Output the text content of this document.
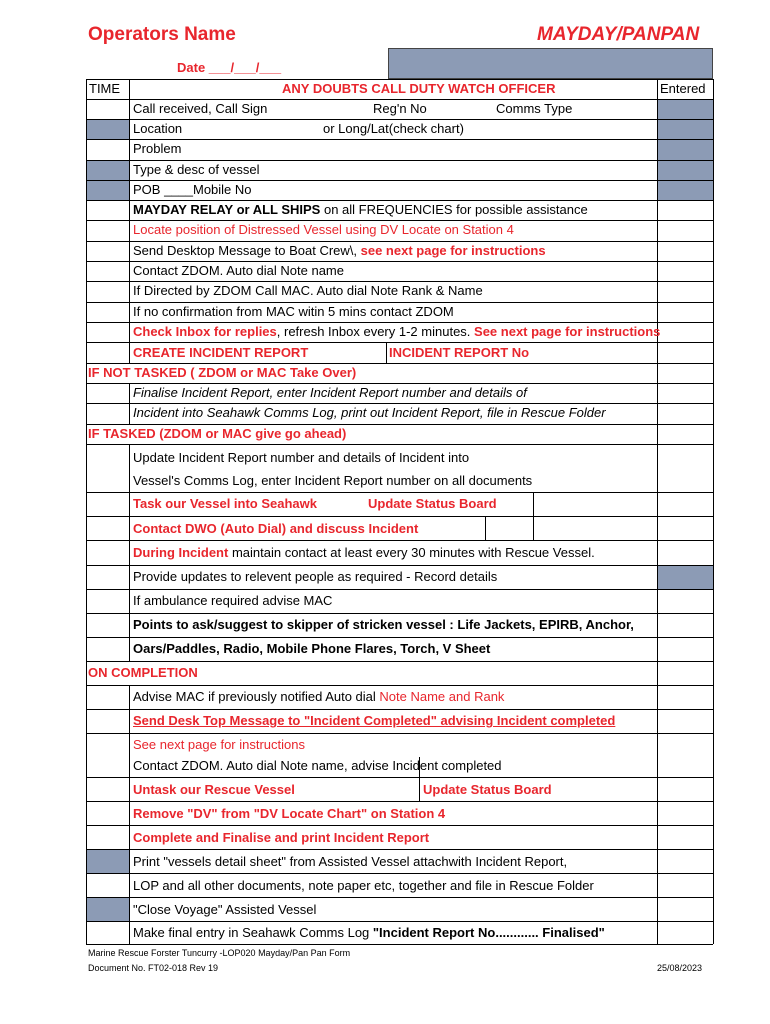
Operators Name	MAYDAY/PANPAN
Date ___/___/___
TIME	ANY DOUBTS CALL DUTY WATCH OFFICER	Entered
Call received, Call Sign	Reg'n No	Comms Type
Location	or Long/Lat(check chart)
Problem
Type & desc of vessel
POB ____Mobile No
MAYDAY RELAY or ALL SHIPS on all FREQUENCIES for possible assistance
Locate position of Distressed Vessel using DV Locate on Station 4
Send Desktop Message to Boat Crew\, see next page for instructions
Contact ZDOM. Auto dial Note name
If Directed by ZDOM Call MAC. Auto dial Note Rank & Name
If no confirmation from MAC witin 5 mins contact ZDOM
Check Inbox for replies, refresh Inbox every 1-2 minutes. See next page for instructions
CREATE INCIDENT REPORT	INCIDENT REPORT No
IF NOT TASKED ( ZDOM or MAC Take Over)
Finalise Incident Report, enter Incident Report number and details of
Incident into Seahawk Comms Log, print out Incident Report, file in Rescue Folder
IF TASKED (ZDOM or MAC give go ahead)
Update Incident Report number and details of Incident into
Vessel's Comms Log, enter Incident Report number on all documents
Task our Vessel into Seahawk	Update Status Board
Contact DWO (Auto Dial) and discuss Incident
During Incident maintain contact at least every 30 minutes with Rescue Vessel.
Provide updates to relevent people as required - Record details
If ambulance required advise MAC
Points to ask/suggest to skipper of stricken vessel : Life Jackets, EPIRB, Anchor,
Oars/Paddles, Radio, Mobile Phone Flares, Torch, V Sheet
ON COMPLETION
Advise MAC if previously notified Auto dial Note Name and Rank
Send Desk Top Message to "Incident Completed" advising Incident completed
See next page for instructions
Contact ZDOM. Auto dial Note name, advise Incident completed
Untask our Rescue Vessel	Update Status Board
Remove "DV" from "DV Locate Chart" on Station 4
Complete and Finalise and print Incident Report
Print "vessels detail sheet" from Assisted Vessel attachwith Incident Report,
LOP and all other documents, note paper etc, together and file in Rescue Folder
"Close Voyage" Assisted Vessel
Make final entry in Seahawk Comms Log "Incident Report No............ Finalised"
Marine Rescue Forster Tuncurry -LOP020 Mayday/Pan Pan Form
Document No. FT02-018 Rev 19	25/08/2023
